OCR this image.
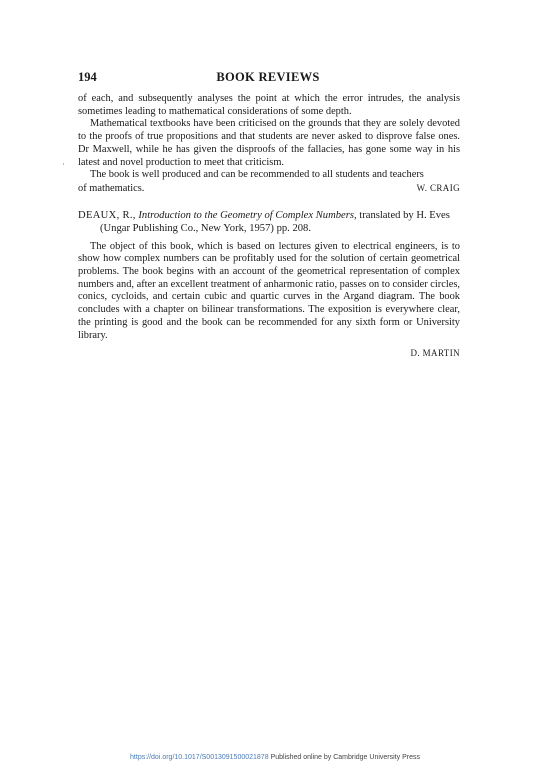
194	BOOK REVIEWS

of each, and subsequently analyses the point at which the error intrudes, the analysis sometimes leading to mathematical considerations of some depth.

Mathematical textbooks have been criticised on the grounds that they are solely devoted to the proofs of true propositions and that students are never asked to disprove false ones. Dr Maxwell, while he has given the disproofs of the fallacies, has gone some way in his latest and novel production to meet that criticism.

The book is well produced and can be recommended to all students and teachers

of mathematics.	W. CRAIG

DEAUX, R., Introduction to the Geometry of Complex Numbers, translated by H. Eves (Ungar Publishing Co., New York, 1957) pp. 208.

The object of this book, which is based on lectures given to electrical engineers, is to show how complex numbers can be profitably used for the solution of certain geometrical problems. The book begins with an account of the geometrical representation of complex numbers and, after an excellent treatment of anharmonic ratio, passes on to consider circles, conics, cycloids, and certain cubic and quartic curves in the Argand diagram. The book concludes with a chapter on bilinear transformations. The exposition is everywhere clear, the printing is good and the book can be recommended for any sixth form or University library.

D. MARTIN

https://doi.org/10.1017/S0013091500021878 Published online by Cambridge University Press
